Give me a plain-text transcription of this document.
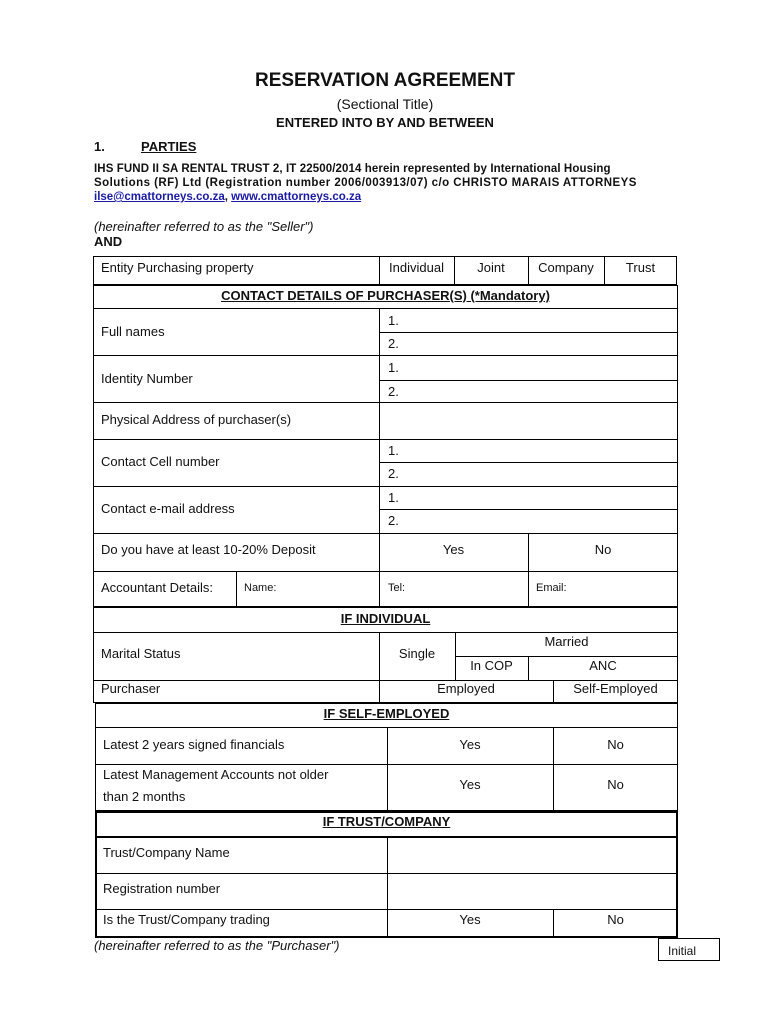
RESERVATION AGREEMENT
(Sectional Title)
ENTERED INTO BY AND BETWEEN
1.	PARTIES
IHS FUND II SA RENTAL TRUST 2, IT 22500/2014 herein represented by International Housing
Solutions (RF) Ltd (Registration number 2006/003913/07) c/o CHRISTO MARAIS ATTORNEYS
ilse@cmattorneys.co.za, www.cmattorneys.co.za
(hereinafter referred to as the "Seller")
AND
Entity Purchasing property	Individual	Joint	Company	Trust
CONTACT DETAILS OF PURCHASER(S) (*Mandatory)
Full names
1.
2.
Identity Number
1.
2.
Physical Address of purchaser(s)
Contact Cell number
1.
2.
Contact e-mail address
1.
2.
Do you have at least 10-20% Deposit	Yes	No
Accountant Details:	Name:	Tel:	Email:
IF INDIVIDUAL
Marital Status	Single
Married
In COP	ANC
Purchaser	Employed	Self-Employed
IF SELF-EMPLOYED
Latest 2 years signed financials	Yes	No
Latest Management Accounts not older
than 2 months
Yes	No
IF TRUST/COMPANY
Trust/Company Name
Registration number
Is the Trust/Company trading	Yes	No
(hereinafter referred to as the "Purchaser")	Initial
